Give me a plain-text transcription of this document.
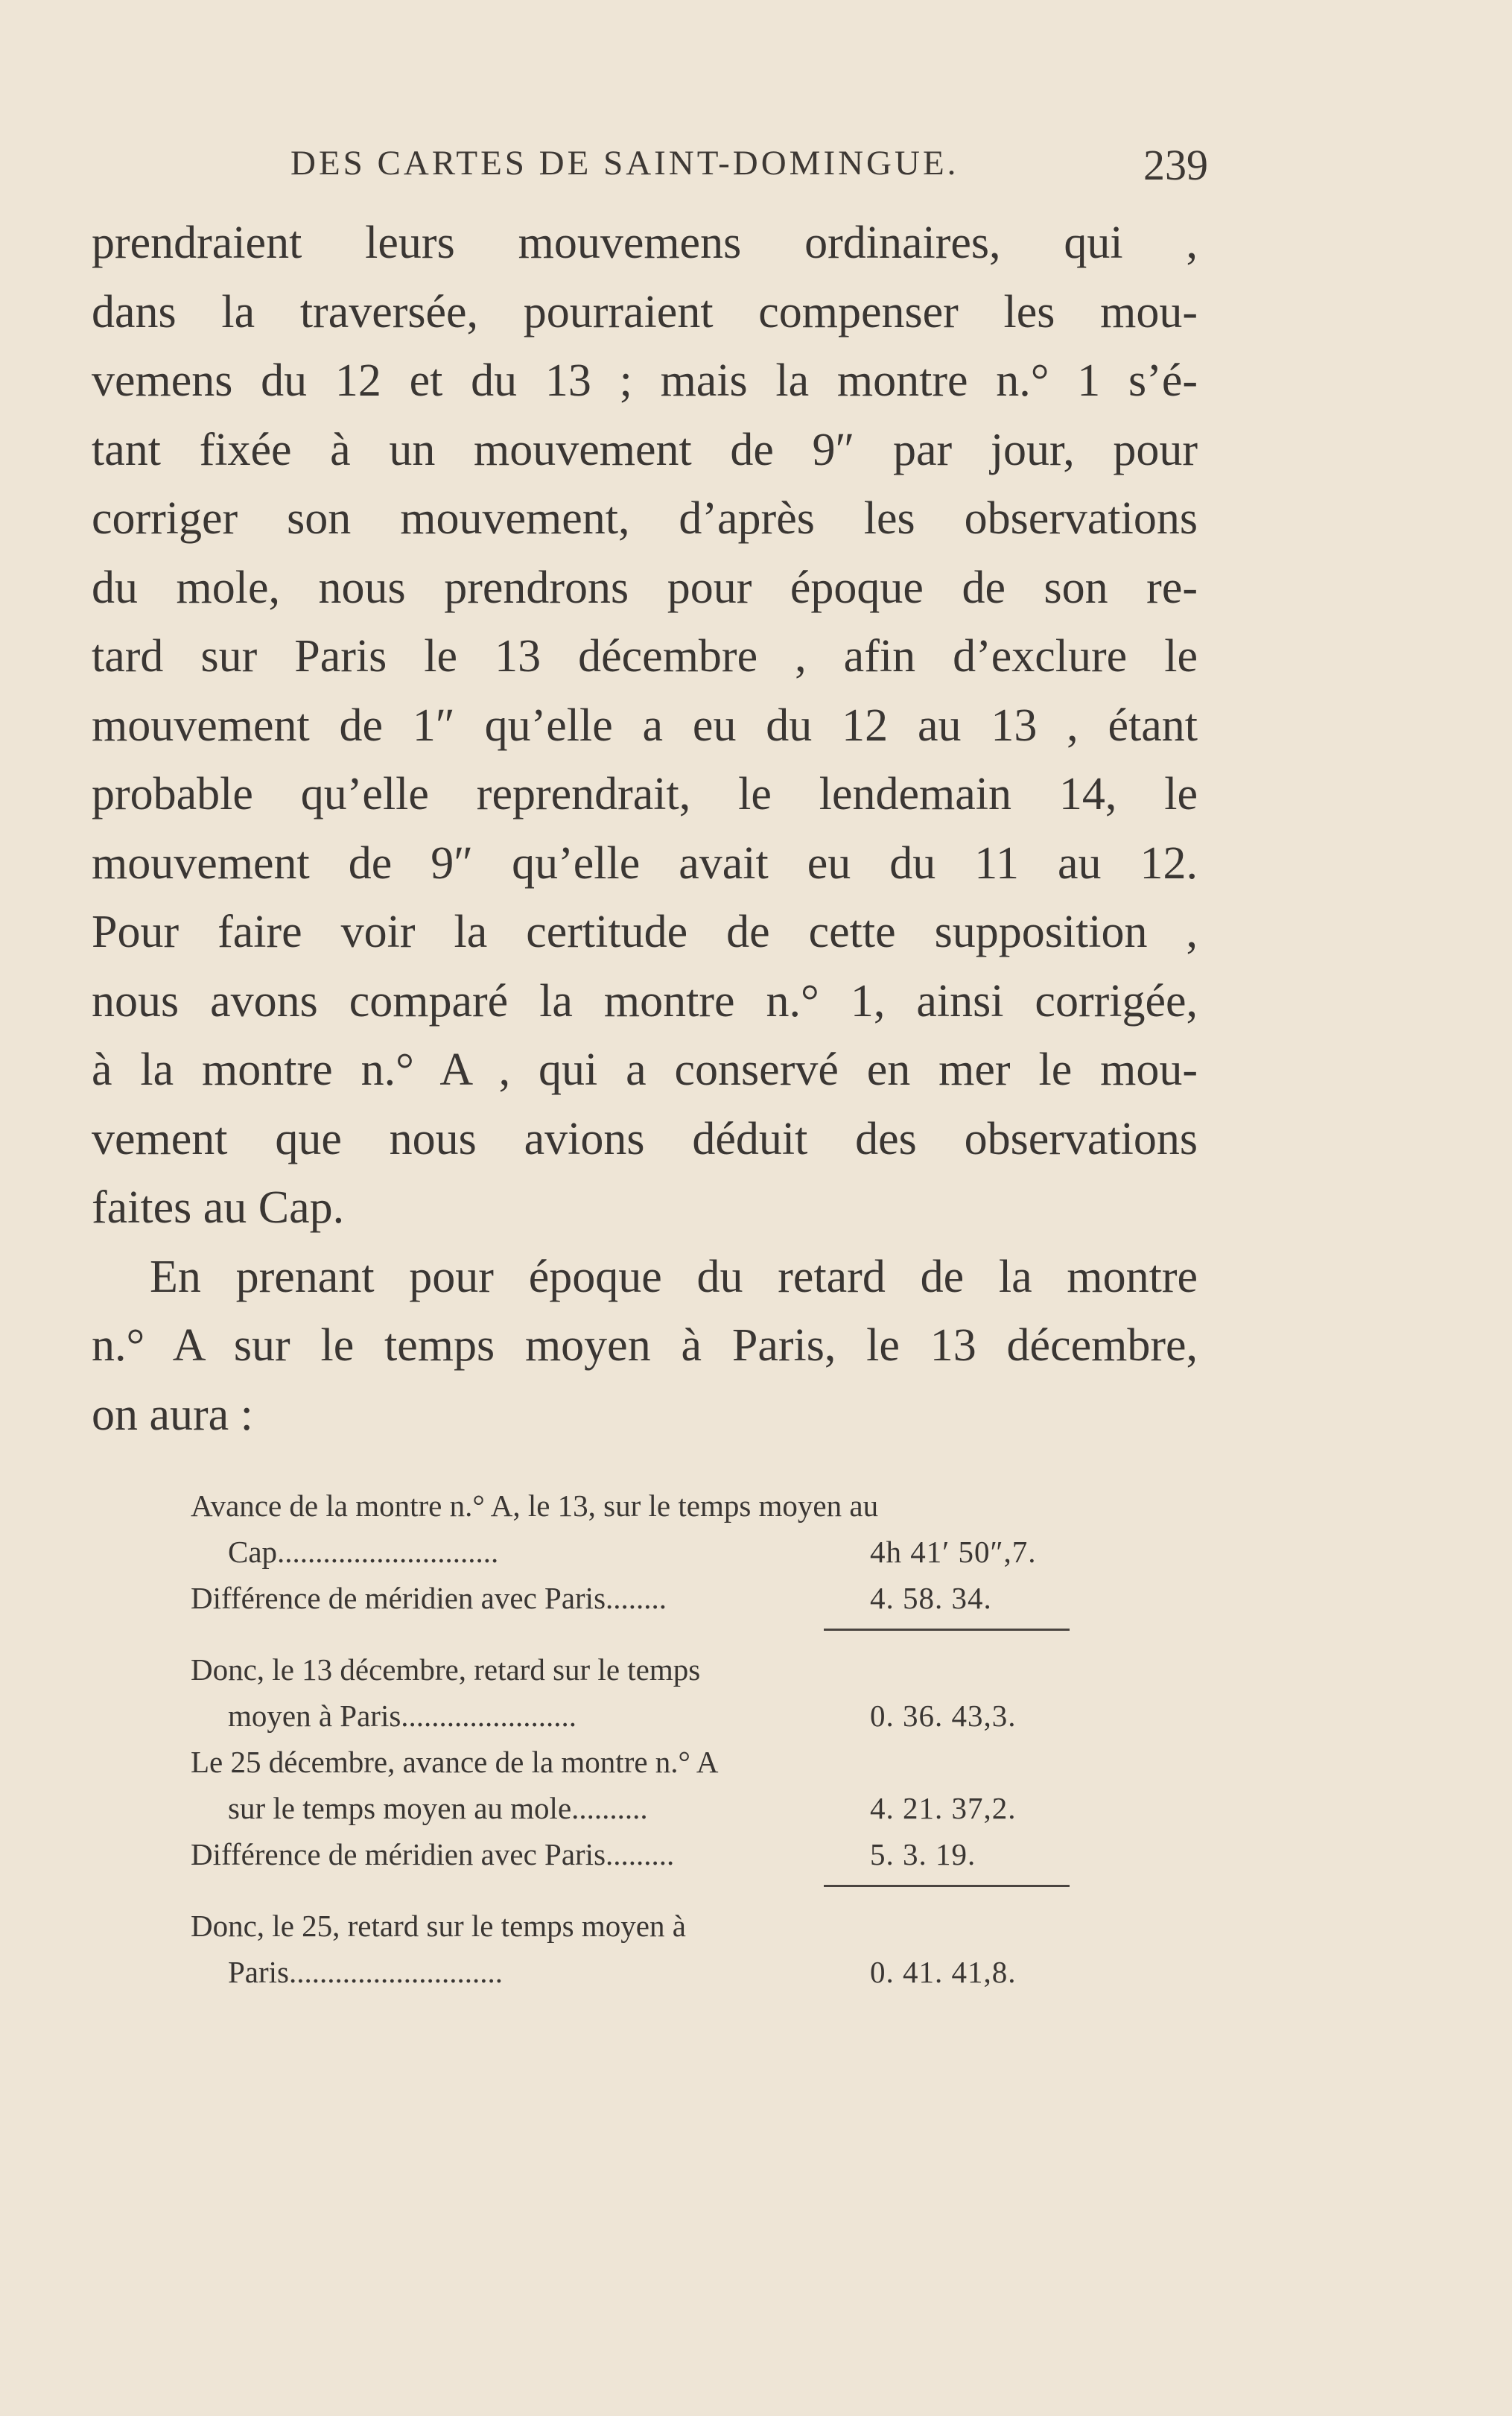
DES CARTES DE SAINT-DOMINGUE.	239
prendraient leurs mouvemens ordinaires, qui ,
dans la traversée, pourraient compenser les mou-
vemens du 12 et du 13 ; mais la montre n.° 1 s’é-
tant fixée à un mouvement de 9″ par jour, pour
corriger son mouvement, d’après les observations
du mole, nous prendrons pour époque de son re-
tard sur Paris le 13 décembre , afin d’exclure le
mouvement de 1″ qu’elle a eu du 12 au 13 , étant
probable qu’elle reprendrait, le lendemain 14, le
mouvement de 9″ qu’elle avait eu du 11 au 12.
Pour faire voir la certitude de cette supposition ,
nous avons comparé la montre n.° 1, ainsi corrigée,
à la montre n.° A , qui a conservé en mer le mou-
vement que nous avions déduit des observations
faites au Cap.
En prenant pour époque du retard de la montre
n.° A sur le temps moyen à Paris, le 13 décembre,
on aura :
Avance de la montre n.° A, le 13, sur le temps moyen au
Cap.............................	4h 41′ 50″,7.
Différence de méridien avec Paris........	4. 58. 34.
Donc, le 13 décembre, retard sur le temps
moyen à Paris.......................	0. 36. 43,3.
Le 25 décembre, avance de la montre n.° A
sur le temps moyen au mole..........	4. 21. 37,2.
Différence de méridien avec Paris.........	5. 3. 19.
Donc, le 25, retard sur le temps moyen à
Paris............................	0. 41. 41,8.
